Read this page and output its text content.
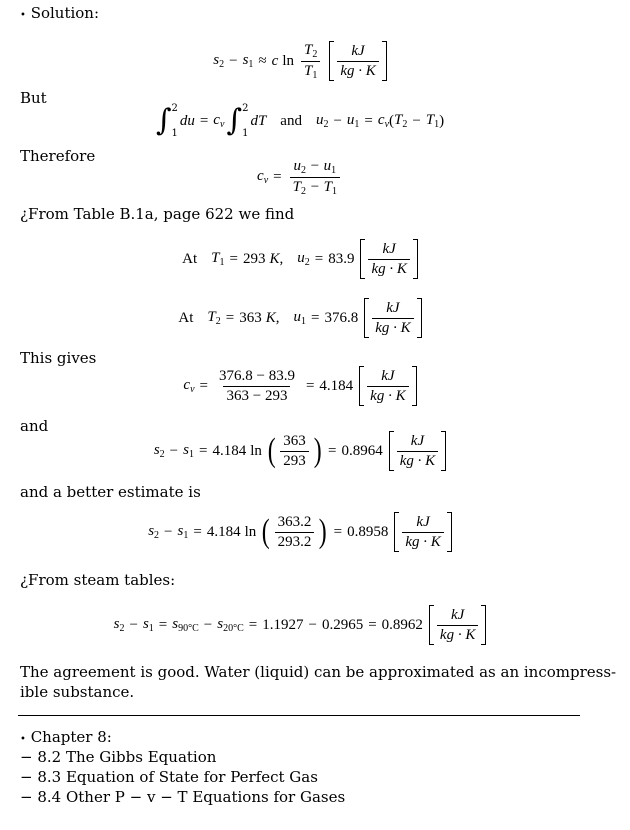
• Solution:
$s_2 - s_1 \approx c$ $\ln \frac{T_2}{T_1} \frac{kJ}{kg \cdot K}$
But
∫ 2
1
du = $c_v$ ∫ 2
1
dT and $u_2 - u_1 = c_v$ ( $T_2 - T_1$ )
Therefore
$c_v = \frac{u_2 - u_1}{T_2 - T_1}$
¿From Table B.1a, page 622 we find
At $T_1 = 293$ K , $u_2 = 83.9 \frac{kJ}{kg \cdot K}$
At $T_2 = 363$ K , $u_1 = 376.8 \frac{kJ}{kg \cdot K}$
This gives
$c_v = \frac{376.8 - 83.9}{363 - 293} = 4.184 \frac{kJ}{kg \cdot K}$
and
$s_2 - s_1 = 4.184$ ln ( $\frac{363}{293}$ ) = $0.8964 \frac{kJ}{kg \cdot K}$
and a better estimate is
$s_2 - s_1 = 4.184$ ln ( $\frac{363.2}{293.2}$ ) = $0.8958 \frac{kJ}{kg \cdot K}$
¿From steam tables:
$s_2 - s_1 = s_{90^\circ C} - s_{20^\circ C} = 1.1927 - 0.2965 = 0.8962 \frac{kJ}{kg \cdot K}$
The agreement is good. Water (liquid) can be approximated as an incompress-
ible substance.
• Chapter 8:
− 8.2 The Gibbs Equation
− 8.3 Equation of State for Perfect Gas
− 8.4 Other P − v − T Equations for Gases
